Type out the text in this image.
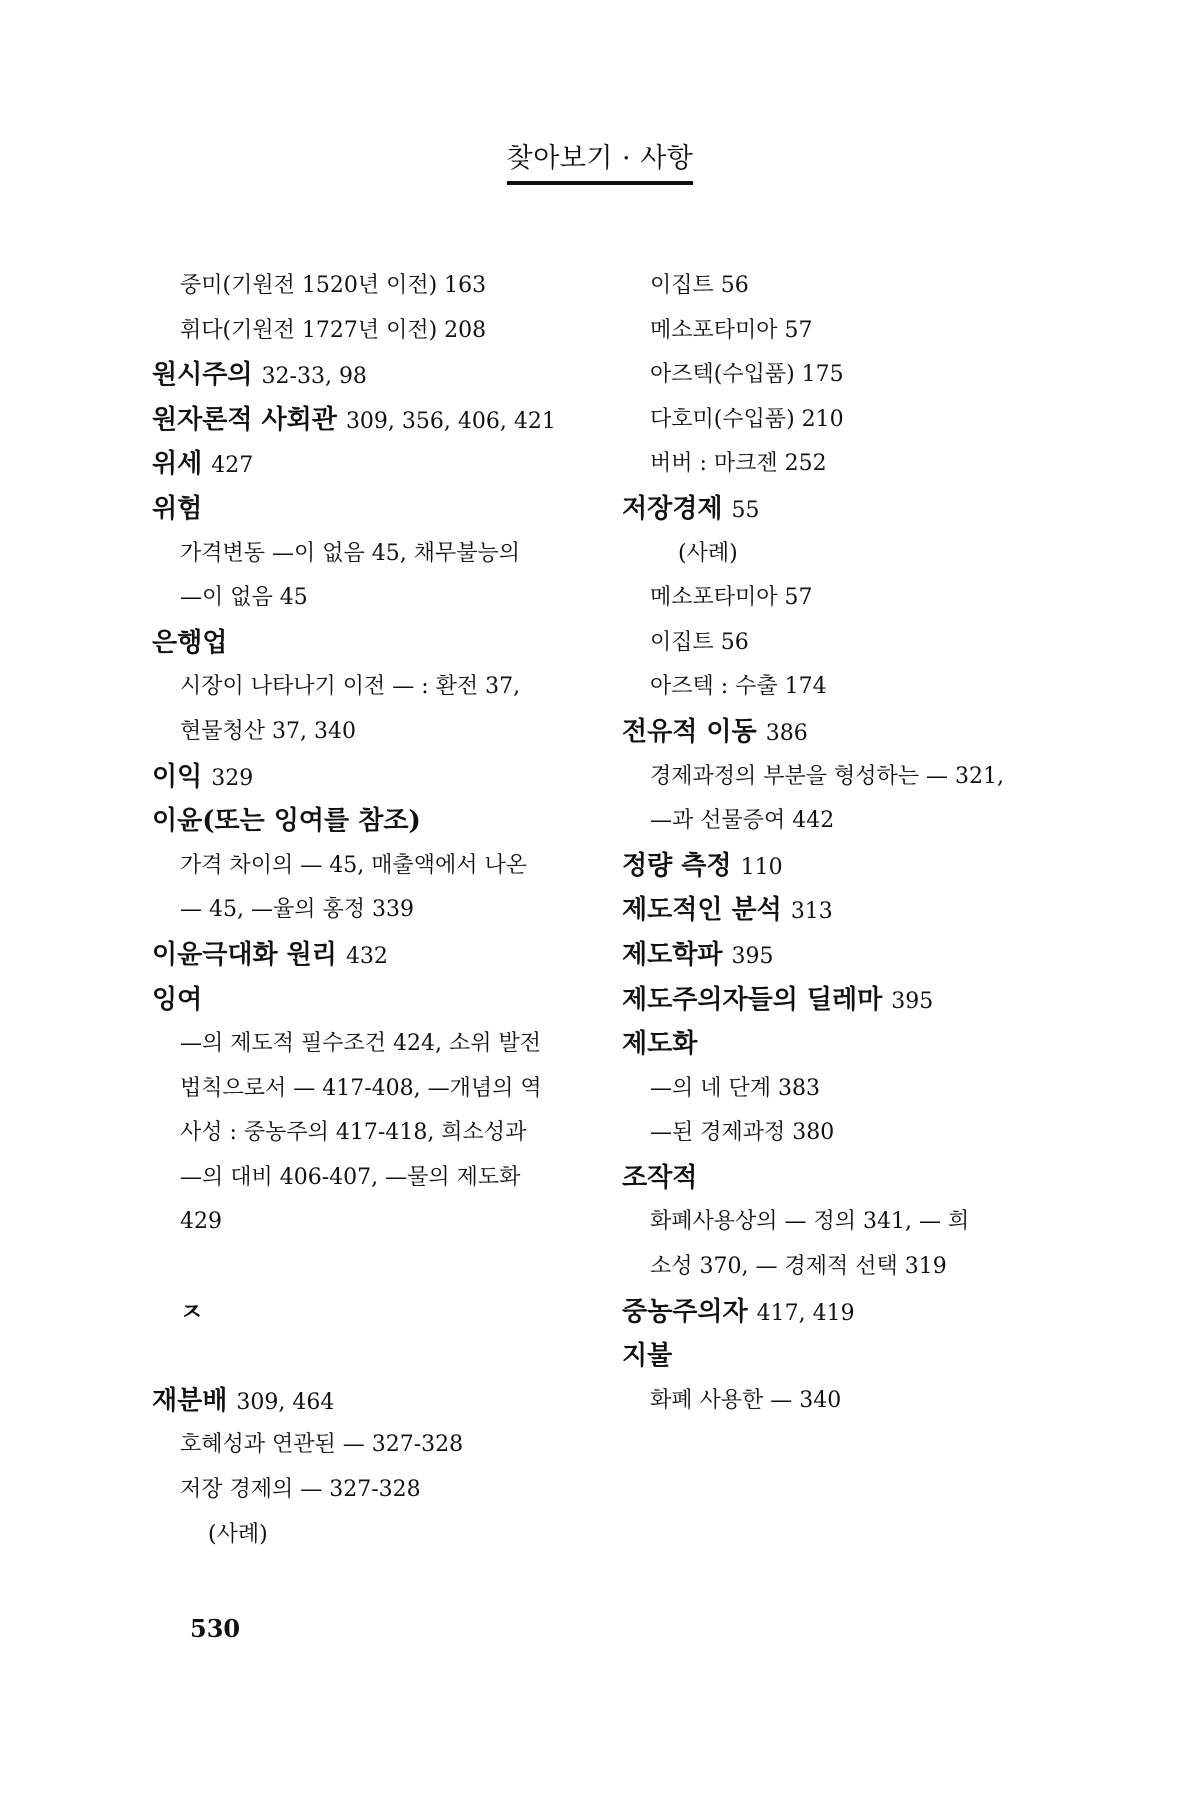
찾아보기 · 사항
중미(기원전 1520년 이전) 163
휘다(기원전 1727년 이전) 208
원시주의 32-33, 98
원자론적 사회관 309, 356, 406, 421
위세 427
위험
가격변동 —이 없음 45, 채무불능의
—이 없음 45
은행업
시장이 나타나기 이전 — : 환전 37,
현물청산 37, 340
이익 329
이윤(또는 잉여를 참조)
가격 차이의 — 45, 매출액에서 나온
— 45, —율의 홍정 339
이윤극대화 원리 432
잉여
—의 제도적 필수조건 424, 소위 발전
법칙으로서 — 417-408, —개념의 역
사성 : 중농주의 417-418, 희소성과
—의 대비 406-407, —물의 제도화
429
ㅈ
재분배 309, 464
호혜성과 연관된 — 327-328
저장 경제의 — 327-328
(사례)
이집트 56
메소포타미아 57
아즈텍(수입품) 175
다호미(수입품) 210
버버 : 마크젠 252
저장경제 55
(사례)
메소포타미아 57
이집트 56
아즈텍 : 수출 174
전유적 이동 386
경제과정의 부분을 형성하는 — 321,
—과 선물증여 442
정량 측정 110
제도적인 분석 313
제도학파 395
제도주의자들의 딜레마 395
제도화
—의 네 단계 383
—된 경제과정 380
조작적
화폐사용상의 — 정의 341, — 희
소성 370, — 경제적 선택 319
중농주의자 417, 419
지불
화폐 사용한 — 340
530
